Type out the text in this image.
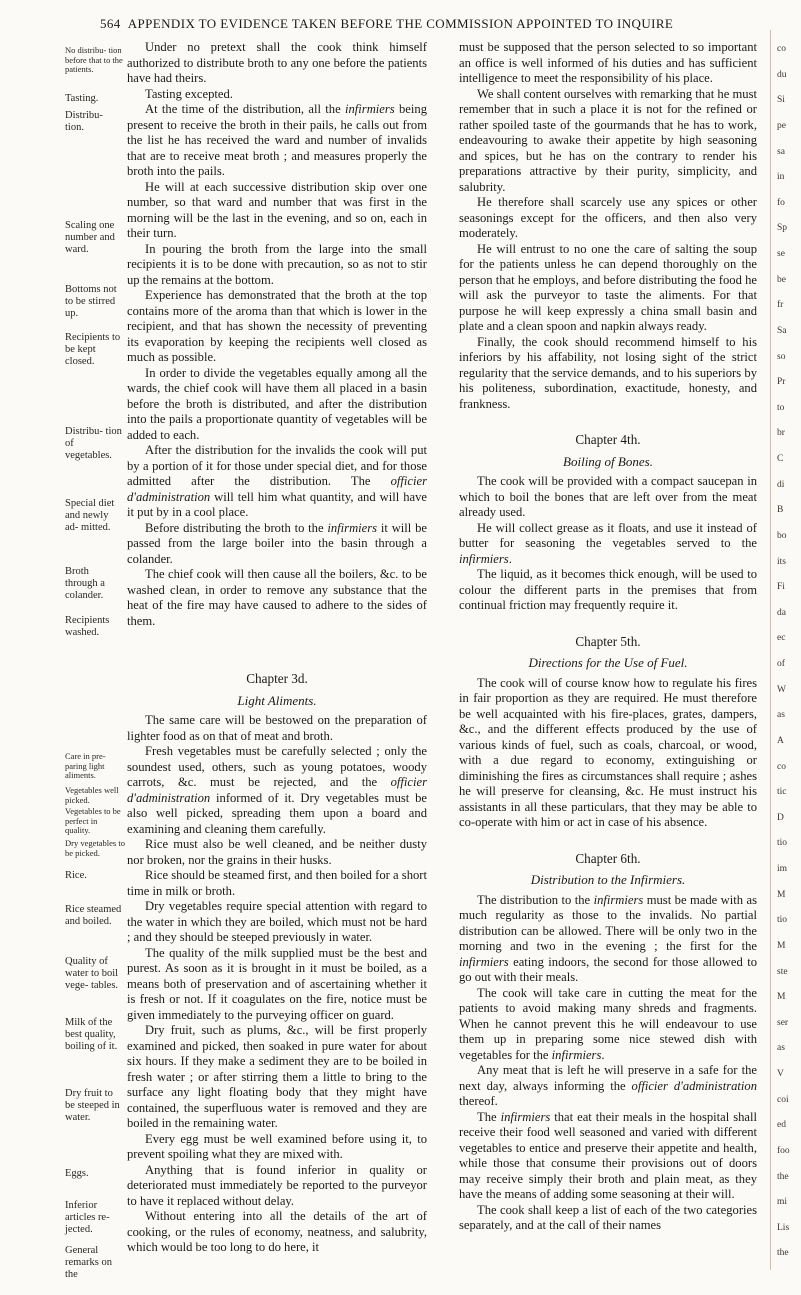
564 APPENDIX TO EVIDENCE TAKEN BEFORE THE COMMISSION APPOINTED TO INQUIRE
No distribu- tion before that to the patients.
Tasting.
Distribu- tion.
Scaling one number and ward.
Bottoms not to be stirred up.
Recipients to be kept closed.
Distribu- tion of vegetables.
Special diet and newly ad- mitted.
Broth through a colander.
Recipients washed.
Care in pre- paring light aliments.
Vegetables well picked.
Vegetables to be perfect in quality.
Dry vegetables to be picked.
Rice.
Rice steamed and boiled.
Quality of water to boil vege- tables.
Milk of the best quality, boiling of it.
Dry fruit to be steeped in water.
Eggs.
Inferior articles re- jected.
General remarks on the

Under no pretext shall the cook think himself authorized to distribute broth to any one before the patients have had theirs.

Tasting excepted.

At the time of the distribution, all the infirmiers being present to receive the broth in their pails, he calls out from the list he has received the ward and number of invalids that are to receive meat broth ; and measures properly the broth into the pails.

He will at each successive distribution skip over one number, so that ward and number that was first in the morning will be the last in the evening, and so on, each in their turn.

In pouring the broth from the large into the small recipients it is to be done with precaution, so as not to stir up the remains at the bottom.

Experience has demonstrated that the broth at the top contains more of the aroma than that which is lower in the recipient, and that has shown the necessity of preventing its evaporation by keeping the recipients well closed as much as possible.

In order to divide the vegetables equally among all the wards, the chief cook will have them all placed in a basin before the broth is distributed, and after the distribution into the pails a proportionate quantity of vegetables will be added to each.

After the distribution for the invalids the cook will put by a portion of it for those under special diet, and for those admitted after the distribution. The officier d'administration will tell him what quantity, and will have it put by in a cool place.

Before distributing the broth to the infirmiers it will be passed from the large boiler into the basin through a colander.

The chief cook will then cause all the boilers, &c. to be washed clean, in order to remove any substance that the heat of the fire may have caused to adhere to the sides of them.

Chapter 3d.
Light Aliments.

The same care will be bestowed on the preparation of lighter food as on that of meat and broth.

Fresh vegetables must be carefully selected ; only the soundest used, others, such as young potatoes, woody carrots, &c. must be rejected, and the officier d'administration informed of it. Dry vegetables must be also well picked, spreading them upon a board and examining and cleaning them carefully.

Rice must also be well cleaned, and be neither dusty nor broken, nor the grains in their husks.

Rice should be steamed first, and then boiled for a short time in milk or broth.

Dry vegetables require special attention with regard to the water in which they are boiled, which must not be hard ; and they should be steeped previously in water.

The quality of the milk supplied must be the best and purest. As soon as it is brought in it must be boiled, as a means both of preservation and of ascertaining whether it is fresh or not. If it coagulates on the fire, notice must be given immediately to the purveying officer on guard.

Dry fruit, such as plums, &c., will be first properly examined and picked, then soaked in pure water for about six hours. If they make a sediment they are to be boiled in fresh water ; or after stirring them a little to bring to the surface any light floating body that they might have contained, the superfluous water is removed and they are boiled in the remaining water.

Every egg must be well examined before using it, to prevent spoiling what they are mixed with.

Anything that is found inferior in quality or deteriorated must immediately be reported to the purveyor to have it replaced without delay.

Without entering into all the details of the art of cooking, or the rules of economy, neatness, and salubrity, which would be too long to do here, it

must be supposed that the person selected to so important an office is well informed of his duties and has sufficient intelligence to meet the responsibility of his place.

We shall content ourselves with remarking that he must remember that in such a place it is not for the refined or rather spoiled taste of the gourmands that he has to work, endeavouring to awake their appetite by high seasoning and spices, but he has on the contrary to render his preparations attractive by their purity, simplicity, and salubrity.

He therefore shall scarcely use any spices or other seasonings except for the officers, and then also very moderately.

He will entrust to no one the care of salting the soup for the patients unless he can depend thoroughly on the person that he employs, and before distributing the food he will ask the purveyor to taste the aliments. For that purpose he will keep expressly a china small basin and plate and a clean spoon and napkin always ready.

Finally, the cook should recommend himself to his inferiors by his affability, not losing sight of the strict regularity that the service demands, and to his superiors by his politeness, subordination, exactitude, honesty, and frankness.

Chapter 4th.
Boiling of Bones.

The cook will be provided with a compact saucepan in which to boil the bones that are left over from the meat already used.

He will collect grease as it floats, and use it instead of butter for seasoning the vegetables served to the infirmiers.

The liquid, as it becomes thick enough, will be used to colour the different parts in the premises that from continual friction may frequently require it.

Chapter 5th.
Directions for the Use of Fuel.

The cook will of course know how to regulate his fires in fair proportion as they are required. He must therefore be well acquainted with his fire-places, grates, dampers, &c., and the different effects produced by the use of various kinds of fuel, such as coals, charcoal, or wood, with a due regard to economy, extinguishing or diminishing the fires as circumstances shall require ; ashes he will preserve for cleansing, &c. He must instruct his assistants in all these particulars, that they may be able to co-operate with him or act in case of his absence.

Chapter 6th.
Distribution to the Infirmiers.

The distribution to the infirmiers must be made with as much regularity as those to the invalids. No partial distribution can be allowed. There will be only two in the morning and two in the evening ; the first for the infirmiers eating indoors, the second for those allowed to go out with their meals.

The cook will take care in cutting the meat for the patients to avoid making many shreds and fragments. When he cannot prevent this he will endeavour to use them up in preparing some nice stewed dish with vegetables for the infirmiers.

Any meat that is left he will preserve in a safe for the next day, always informing the officier d'administration thereof.

The infirmiers that eat their meals in the hospital shall receive their food well seasoned and varied with different vegetables to entice and preserve their appetite and health, while those that consume their provisions out of doors may receive simply their broth and plain meat, as they have the means of adding some seasoning at their will.

The cook shall keep a list of each of the two categories separately, and at the call of their names

co
du
Si
pe
sa
in
fo
Sp
se
be
fr
Sa
so
Pr
to
br
C
di
B
bo
its
Fi
da
ec
of
W
as
A
co
tic
D
tio
im
M
tio
M
ste
M
ser
as
V
coi
ed
foo
the
mi
Lis
the
